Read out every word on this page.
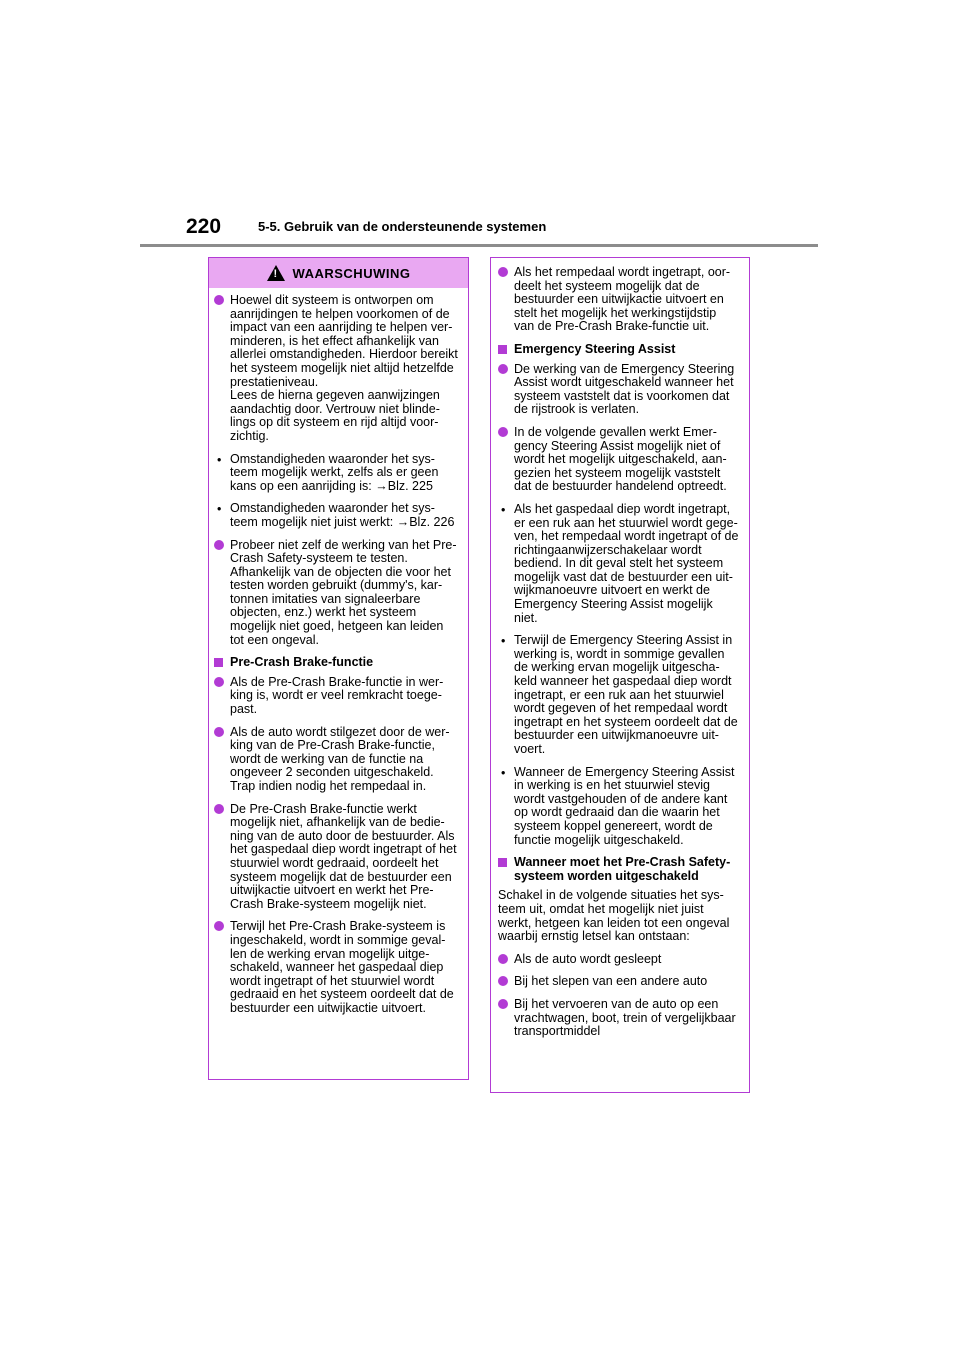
220	5-5. Gebruik van de ondersteunende systemen
!
WAARSCHUWING

Hoewel dit systeem is ontworpen om aanrijdingen te helpen voorkomen of de impact van een aanrijding te helpen ver-minderen, is het effect afhankelijk van allerlei omstandigheden. Hierdoor bereikt het systeem mogelijk niet altijd hetzelfde prestatieniveau.

Lees de hierna gegeven aanwijzingen aandachtig door. Vertrouw niet blinde-lings op dit systeem en rijd altijd voor-zichtig.

• Omstandigheden waaronder het sys-teem mogelijk werkt, zelfs als er geen kans op een aanrijding is: →Blz. 225

• Omstandigheden waaronder het sys-teem mogelijk niet juist werkt: →Blz. 226

Probeer niet zelf de werking van het Pre-Crash Safety-systeem te testen. Afhankelijk van de objecten die voor het testen worden gebruikt (dummy's, kar-tonnen imitaties van signaleerbare objecten, enz.) werkt het systeem mogelijk niet goed, hetgeen kan leiden tot een ongeval.

Pre-Crash Brake-functie

Als de Pre-Crash Brake-functie in wer-king is, wordt er veel remkracht toege-past.

Als de auto wordt stilgezet door de wer-king van de Pre-Crash Brake-functie, wordt de werking van de functie na ongeveer 2 seconden uitgeschakeld. Trap indien nodig het rempedaal in.

De Pre-Crash Brake-functie werkt mogelijk niet, afhankelijk van de bedie-ning van de auto door de bestuurder. Als het gaspedaal diep wordt ingetrapt of het stuurwiel wordt gedraaid, oordeelt het systeem mogelijk dat de bestuurder een uitwijkactie uitvoert en werkt het Pre-Crash Brake-systeem mogelijk niet.

Terwijl het Pre-Crash Brake-systeem is ingeschakeld, wordt in sommige geval-len de werking ervan mogelijk uitge-schakeld, wanneer het gaspedaal diep wordt ingetrapt of het stuurwiel wordt gedraaid en het systeem oordeelt dat de bestuurder een uitwijkactie uitvoert.

Als het rempedaal wordt ingetrapt, oor-deelt het systeem mogelijk dat de bestuurder een uitwijkactie uitvoert en stelt het mogelijk het werkingstijdstip van de Pre-Crash Brake-functie uit.

Emergency Steering Assist

De werking van de Emergency Steering Assist wordt uitgeschakeld wanneer het systeem vaststelt dat is voorkomen dat de rijstrook is verlaten.

In de volgende gevallen werkt Emer-gency Steering Assist mogelijk niet of wordt het mogelijk uitgeschakeld, aan-gezien het systeem mogelijk vaststelt dat de bestuurder handelend optreedt.

• Als het gaspedaal diep wordt ingetrapt, er een ruk aan het stuurwiel wordt gege-ven, het rempedaal wordt ingetrapt of de richtingaanwijzerschakelaar wordt bediend. In dit geval stelt het systeem mogelijk vast dat de bestuurder een uit-wijkmanoeuvre uitvoert en werkt de Emergency Steering Assist mogelijk niet.

• Terwijl de Emergency Steering Assist in werking is, wordt in sommige gevallen de werking ervan mogelijk uitgescha-keld wanneer het gaspedaal diep wordt ingetrapt, er een ruk aan het stuurwiel wordt gegeven of het rempedaal wordt ingetrapt en het systeem oordeelt dat de bestuurder een uitwijkmanoeuvre uit-voert.

• Wanneer de Emergency Steering Assist in werking is en het stuurwiel stevig wordt vastgehouden of de andere kant op wordt gedraaid dan die waarin het systeem koppel genereert, wordt de functie mogelijk uitgeschakeld.

Wanneer moet het Pre-Crash Safety-systeem worden uitgeschakeld

Schakel in de volgende situaties het sys-teem uit, omdat het mogelijk niet juist werkt, hetgeen kan leiden tot een ongeval waarbij ernstig letsel kan ontstaan:

Als de auto wordt gesleept

Bij het slepen van een andere auto

Bij het vervoeren van de auto op een vrachtwagen, boot, trein of vergelijkbaar transportmiddel
